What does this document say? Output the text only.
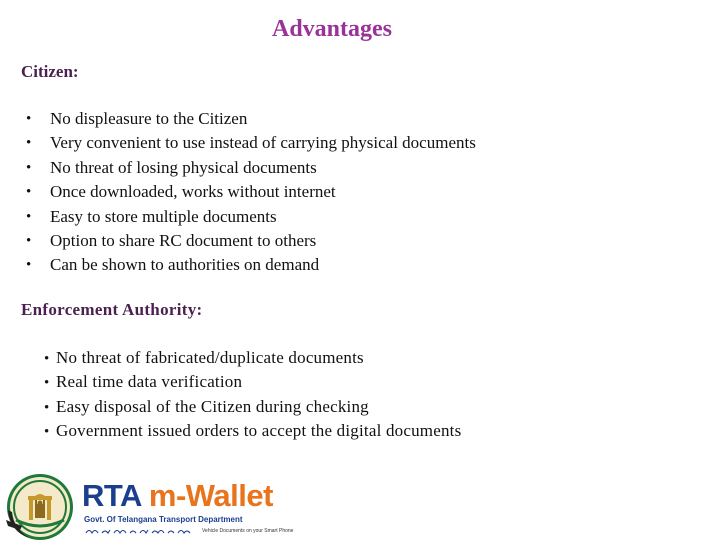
Advantages
Citizen:
• No displeasure to the Citizen
• Very convenient to use instead of carrying physical documents
• No threat of losing physical documents
• Once downloaded, works without internet
• Easy to store multiple documents
• Option to share RC document to others
• Can be shown to authorities on demand
Enforcement Authority:
• No threat of fabricated/duplicate documents
• Real time data verification
• Easy disposal of the Citizen during checking
• Government issued orders to accept the digital documents
RTA m-Wallet
Govt. Of Telangana Transport Department
Vehicle Documents on your Smart Phone
